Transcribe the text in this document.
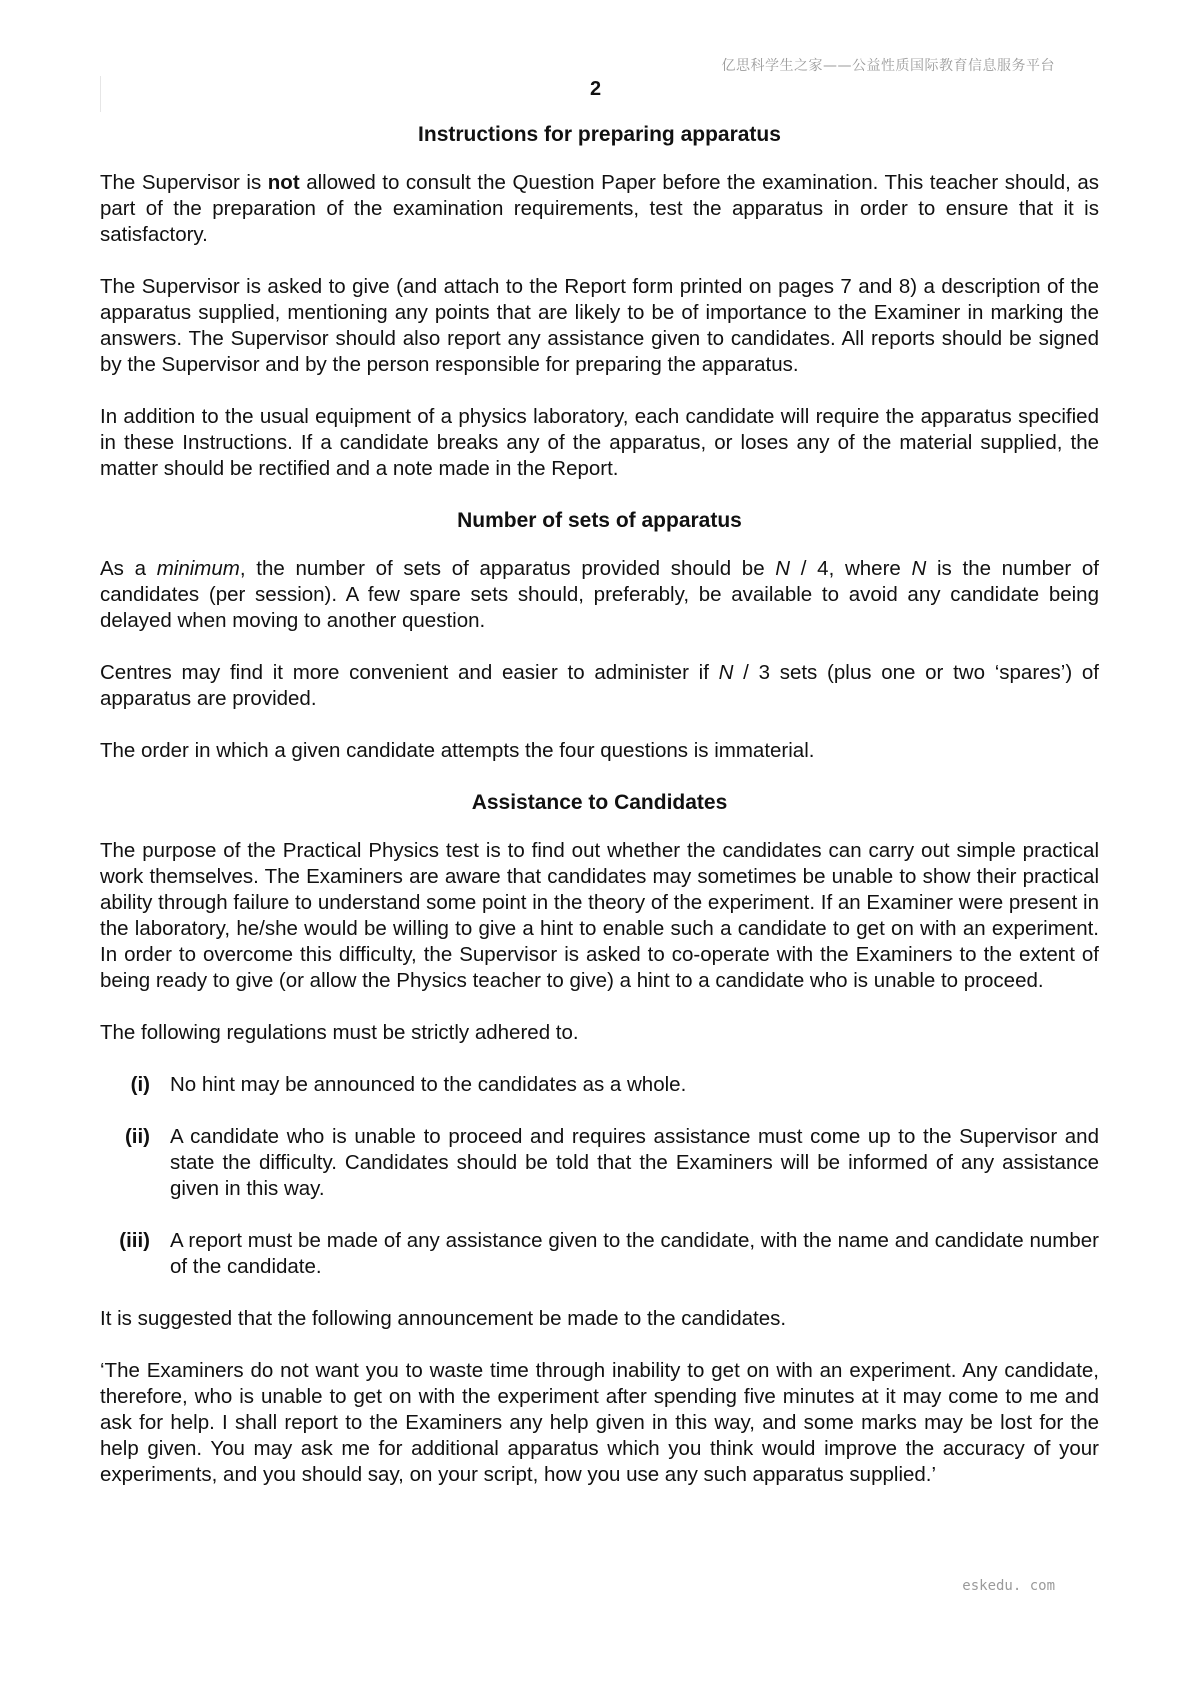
亿思科学生之家——公益性质国际教育信息服务平台
2
Instructions for preparing apparatus

The Supervisor is not allowed to consult the Question Paper before the examination. This teacher should, as part of the preparation of the examination requirements, test the apparatus in order to ensure that it is satisfactory.

The Supervisor is asked to give (and attach to the Report form printed on pages 7 and 8) a description of the apparatus supplied, mentioning any points that are likely to be of importance to the Examiner in marking the answers. The Supervisor should also report any assistance given to candidates. All reports should be signed by the Supervisor and by the person responsible for preparing the apparatus.

In addition to the usual equipment of a physics laboratory, each candidate will require the apparatus specified in these Instructions. If a candidate breaks any of the apparatus, or loses any of the material supplied, the matter should be rectified and a note made in the Report.

Number of sets of apparatus

As a minimum, the number of sets of apparatus provided should be N / 4, where N is the number of candidates (per session). A few spare sets should, preferably, be available to avoid any candidate being delayed when moving to another question.

Centres may find it more convenient and easier to administer if N / 3 sets (plus one or two ‘spares’) of apparatus are provided.

The order in which a given candidate attempts the four questions is immaterial.

Assistance to Candidates

The purpose of the Practical Physics test is to find out whether the candidates can carry out simple practical work themselves. The Examiners are aware that candidates may sometimes be unable to show their practical ability through failure to understand some point in the theory of the experiment. If an Examiner were present in the laboratory, he/she would be willing to give a hint to enable such a candidate to get on with an experiment. In order to overcome this difficulty, the Supervisor is asked to co-operate with the Examiners to the extent of being ready to give (or allow the Physics teacher to give) a hint to a candidate who is unable to proceed.

The following regulations must be strictly adhered to.

(i) No hint may be announced to the candidates as a whole.
(ii) A candidate who is unable to proceed and requires assistance must come up to the Supervisor and state the difficulty. Candidates should be told that the Examiners will be informed of any assistance given in this way.
(iii) A report must be made of any assistance given to the candidate, with the name and candidate number of the candidate.

It is suggested that the following announcement be made to the candidates.

‘The Examiners do not want you to waste time through inability to get on with an experiment. Any candidate, therefore, who is unable to get on with the experiment after spending five minutes at it may come to me and ask for help. I shall report to the Examiners any help given in this way, and some marks may be lost for the help given. You may ask me for additional apparatus which you think would improve the accuracy of your experiments, and you should say, on your script, how you use any such apparatus supplied.’

eskedu. com
